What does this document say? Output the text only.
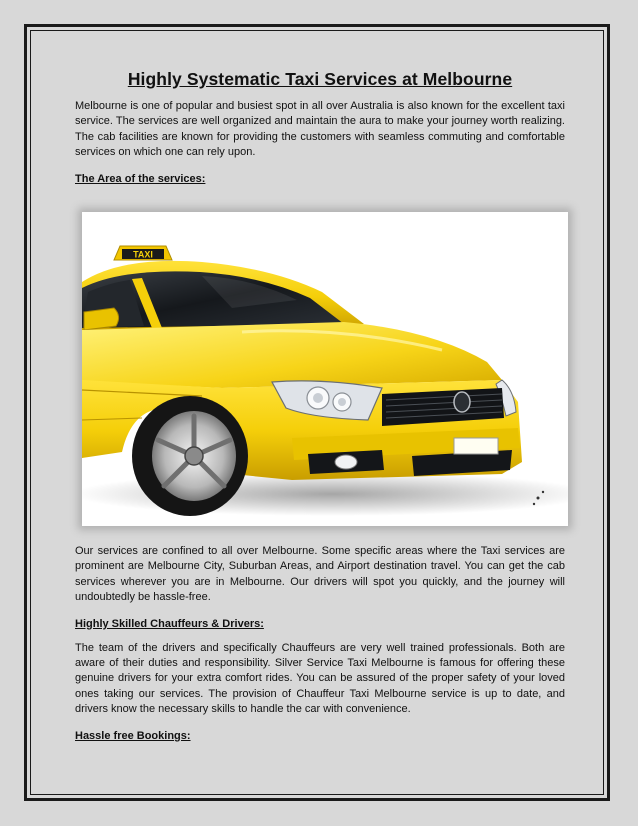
Highly Systematic Taxi Services at Melbourne

Melbourne is one of popular and busiest spot in all over Australia is also known for the excellent taxi service. The services are well organized and maintain the aura to make your journey worth realizing. The cab facilities are known for providing the customers with seamless commuting and comfortable services on which one can rely upon.

The Area of the services:

TAXI

Our services are confined to all over Melbourne. Some specific areas where the Taxi services are prominent are Melbourne City, Suburban Areas, and Airport destination travel. You can get the cab services wherever you are in Melbourne. Our drivers will spot you quickly, and the journey will undoubtedly be hassle-free.

Highly Skilled Chauffeurs & Drivers:

The team of the drivers and specifically Chauffeurs are very well trained professionals. Both are aware of their duties and responsibility. Silver Service Taxi Melbourne is famous for offering these genuine drivers for your extra comfort rides. You can be assured of the proper safety of your loved ones taking our services. The provision of Chauffeur Taxi Melbourne service is up to date, and drivers know the necessary skills to handle the car with convenience.

Hassle free Bookings:
